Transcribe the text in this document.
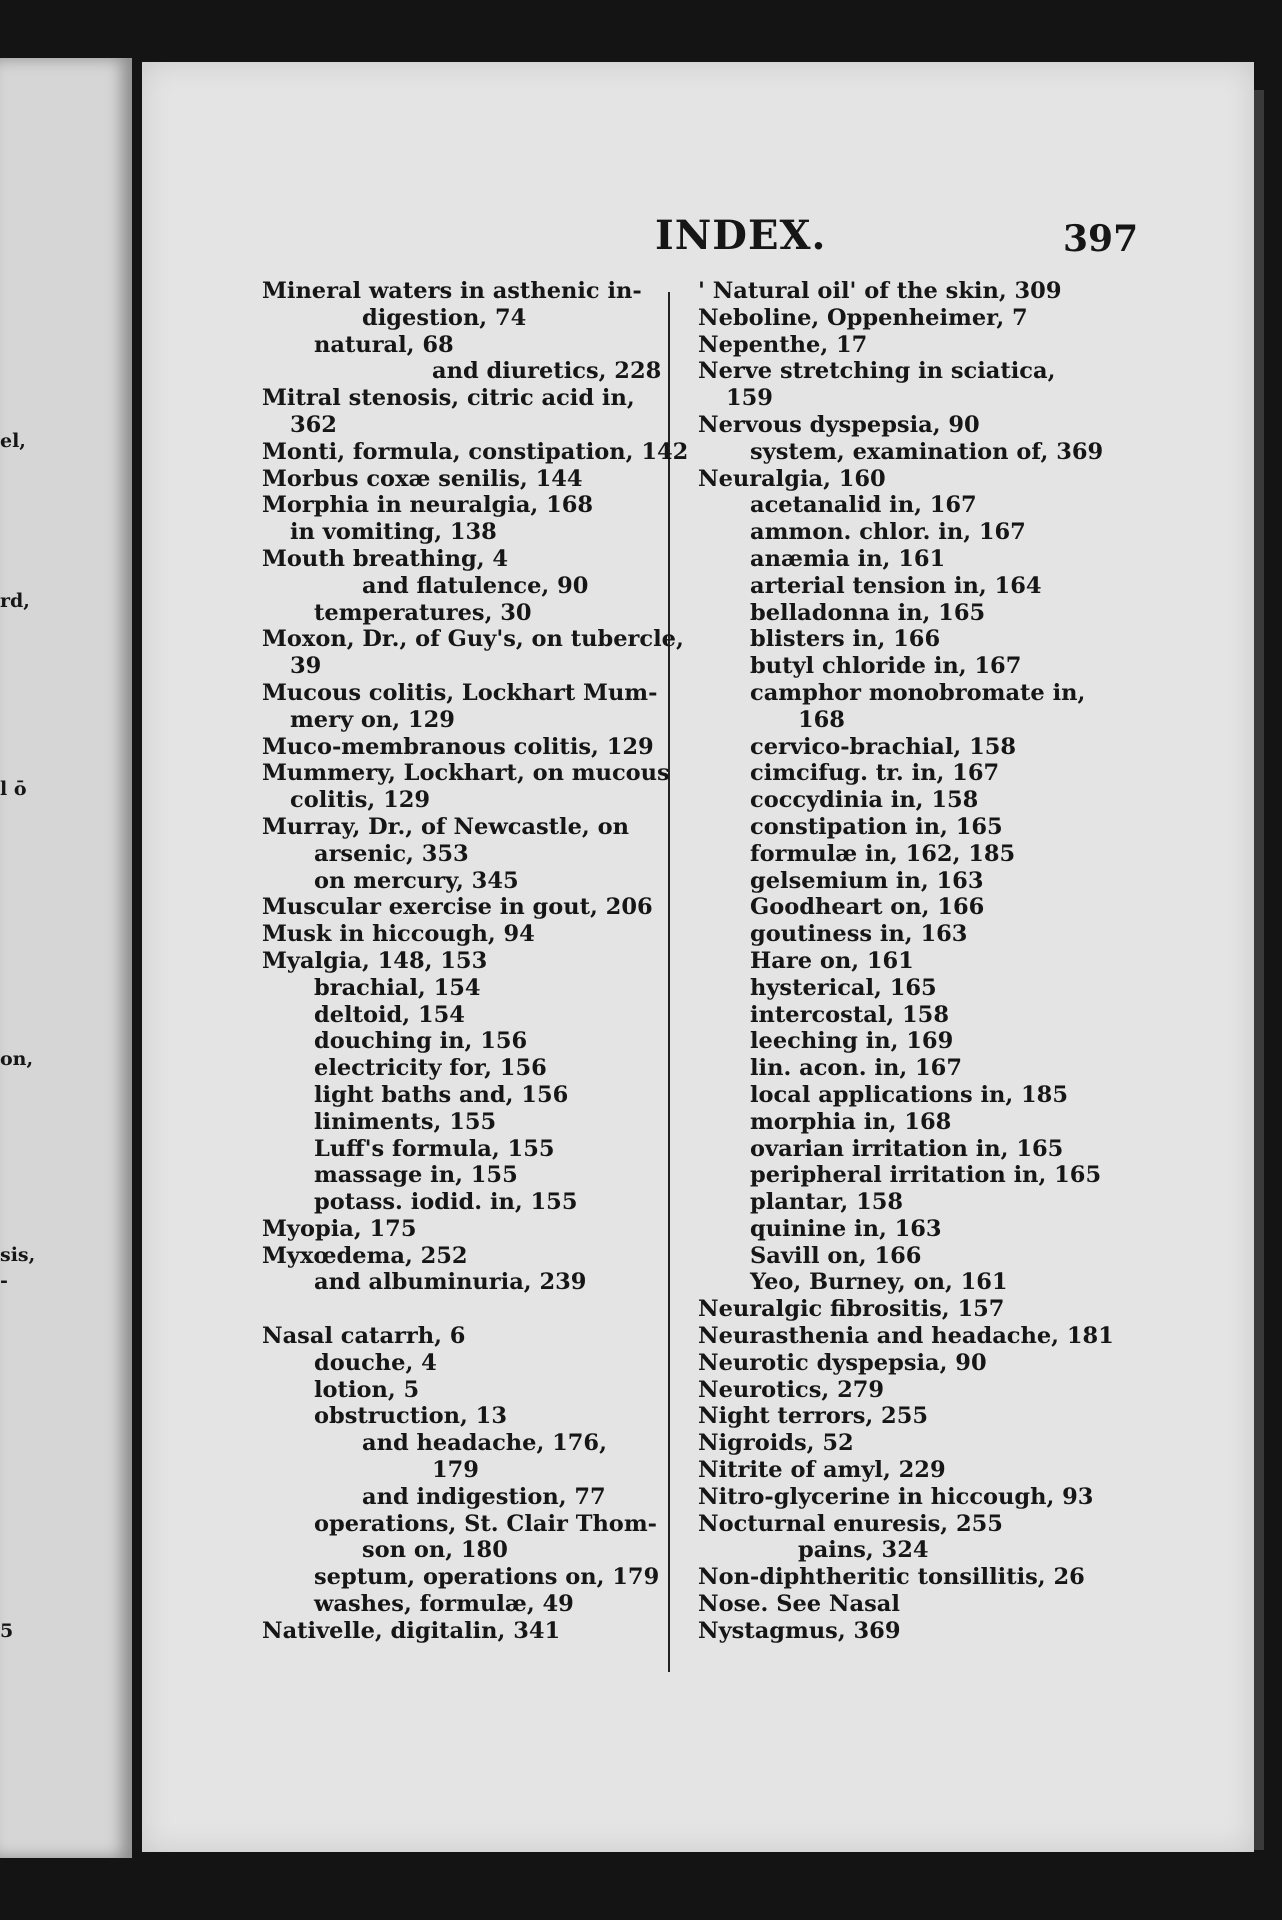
el,
rd,
l ō
on,
sis,
-
5
INDEX.	397
Mineral waters in asthenic in-
digestion, 74
natural, 68
and diuretics, 228
Mitral stenosis, citric acid in,
362
Monti, formula, constipation, 142
Morbus coxæ senilis, 144
Morphia in neuralgia, 168
in vomiting, 138
Mouth breathing, 4
and flatulence, 90
temperatures, 30
Moxon, Dr., of Guy's, on tubercle,
39
Mucous colitis, Lockhart Mum-
mery on, 129
Muco-membranous colitis, 129
Mummery, Lockhart, on mucous
colitis, 129
Murray, Dr., of Newcastle, on
arsenic, 353
on mercury, 345
Muscular exercise in gout, 206
Musk in hiccough, 94
Myalgia, 148, 153
brachial, 154
deltoid, 154
douching in, 156
electricity for, 156
light baths and, 156
liniments, 155
Luff's formula, 155
massage in, 155
potass. iodid. in, 155
Myopia, 175
Myxœdema, 252
and albuminuria, 239
Nasal catarrh, 6
douche, 4
lotion, 5
obstruction, 13
and headache, 176,
179
and indigestion, 77
operations, St. Clair Thom-
son on, 180
septum, operations on, 179
washes, formulæ, 49
Nativelle, digitalin, 341
' Natural oil' of the skin, 309
Neboline, Oppenheimer, 7
Nepenthe, 17
Nerve stretching in sciatica,
159
Nervous dyspepsia, 90
system, examination of, 369
Neuralgia, 160
acetanalid in, 167
ammon. chlor. in, 167
anæmia in, 161
arterial tension in, 164
belladonna in, 165
blisters in, 166
butyl chloride in, 167
camphor monobromate in,
168
cervico-brachial, 158
cimcifug. tr. in, 167
coccydinia in, 158
constipation in, 165
formulæ in, 162, 185
gelsemium in, 163
Goodheart on, 166
goutiness in, 163
Hare on, 161
hysterical, 165
intercostal, 158
leeching in, 169
lin. acon. in, 167
local applications in, 185
morphia in, 168
ovarian irritation in, 165
peripheral irritation in, 165
plantar, 158
quinine in, 163
Savill on, 166
Yeo, Burney, on, 161
Neuralgic fibrositis, 157
Neurasthenia and headache, 181
Neurotic dyspepsia, 90
Neurotics, 279
Night terrors, 255
Nigroids, 52
Nitrite of amyl, 229
Nitro-glycerine in hiccough, 93
Nocturnal enuresis, 255
pains, 324
Non-diphtheritic tonsillitis, 26
Nose. See Nasal
Nystagmus, 369
